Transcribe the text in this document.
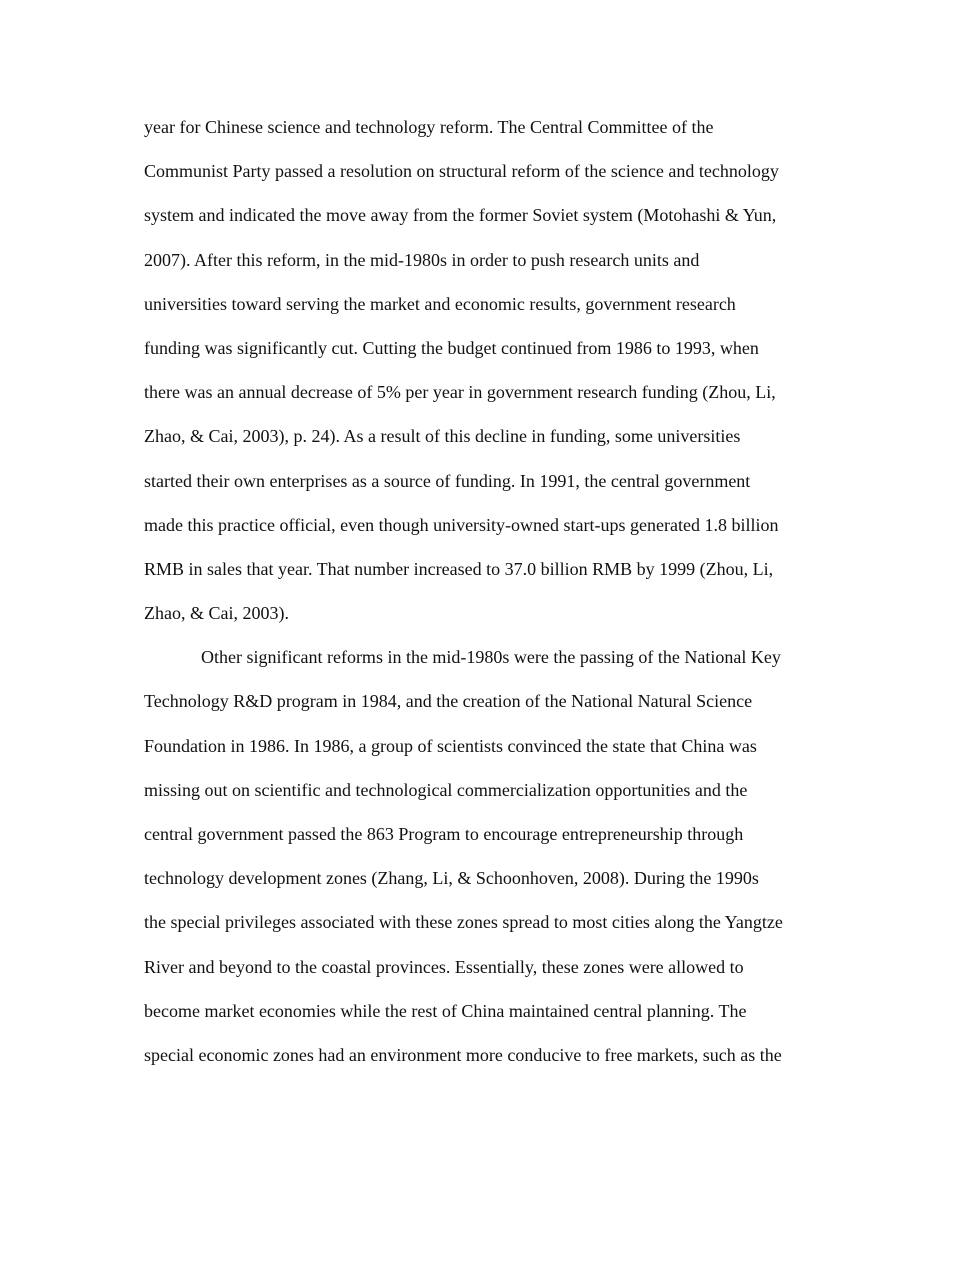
year for Chinese science and technology reform. The Central Committee of the
Communist Party passed a resolution on structural reform of the science and technology
system and indicated the move away from the former Soviet system (Motohashi & Yun,
2007). After this reform, in the mid-1980s in order to push research units and
universities toward serving the market and economic results, government research
funding was significantly cut. Cutting the budget continued from 1986 to 1993, when
there was an annual decrease of 5% per year in government research funding (Zhou, Li,
Zhao, & Cai, 2003), p. 24). As a result of this decline in funding, some universities
started their own enterprises as a source of funding. In 1991, the central government
made this practice official, even though university-owned start-ups generated 1.8 billion
RMB in sales that year. That number increased to 37.0 billion RMB by 1999 (Zhou, Li,
Zhao, & Cai, 2003).
Other significant reforms in the mid-1980s were the passing of the National Key
Technology R&D program in 1984, and the creation of the National Natural Science
Foundation in 1986. In 1986, a group of scientists convinced the state that China was
missing out on scientific and technological commercialization opportunities and the
central government passed the 863 Program to encourage entrepreneurship through
technology development zones (Zhang, Li, & Schoonhoven, 2008). During the 1990s
the special privileges associated with these zones spread to most cities along the Yangtze
River and beyond to the coastal provinces. Essentially, these zones were allowed to
become market economies while the rest of China maintained central planning. The
special economic zones had an environment more conducive to free markets, such as the
